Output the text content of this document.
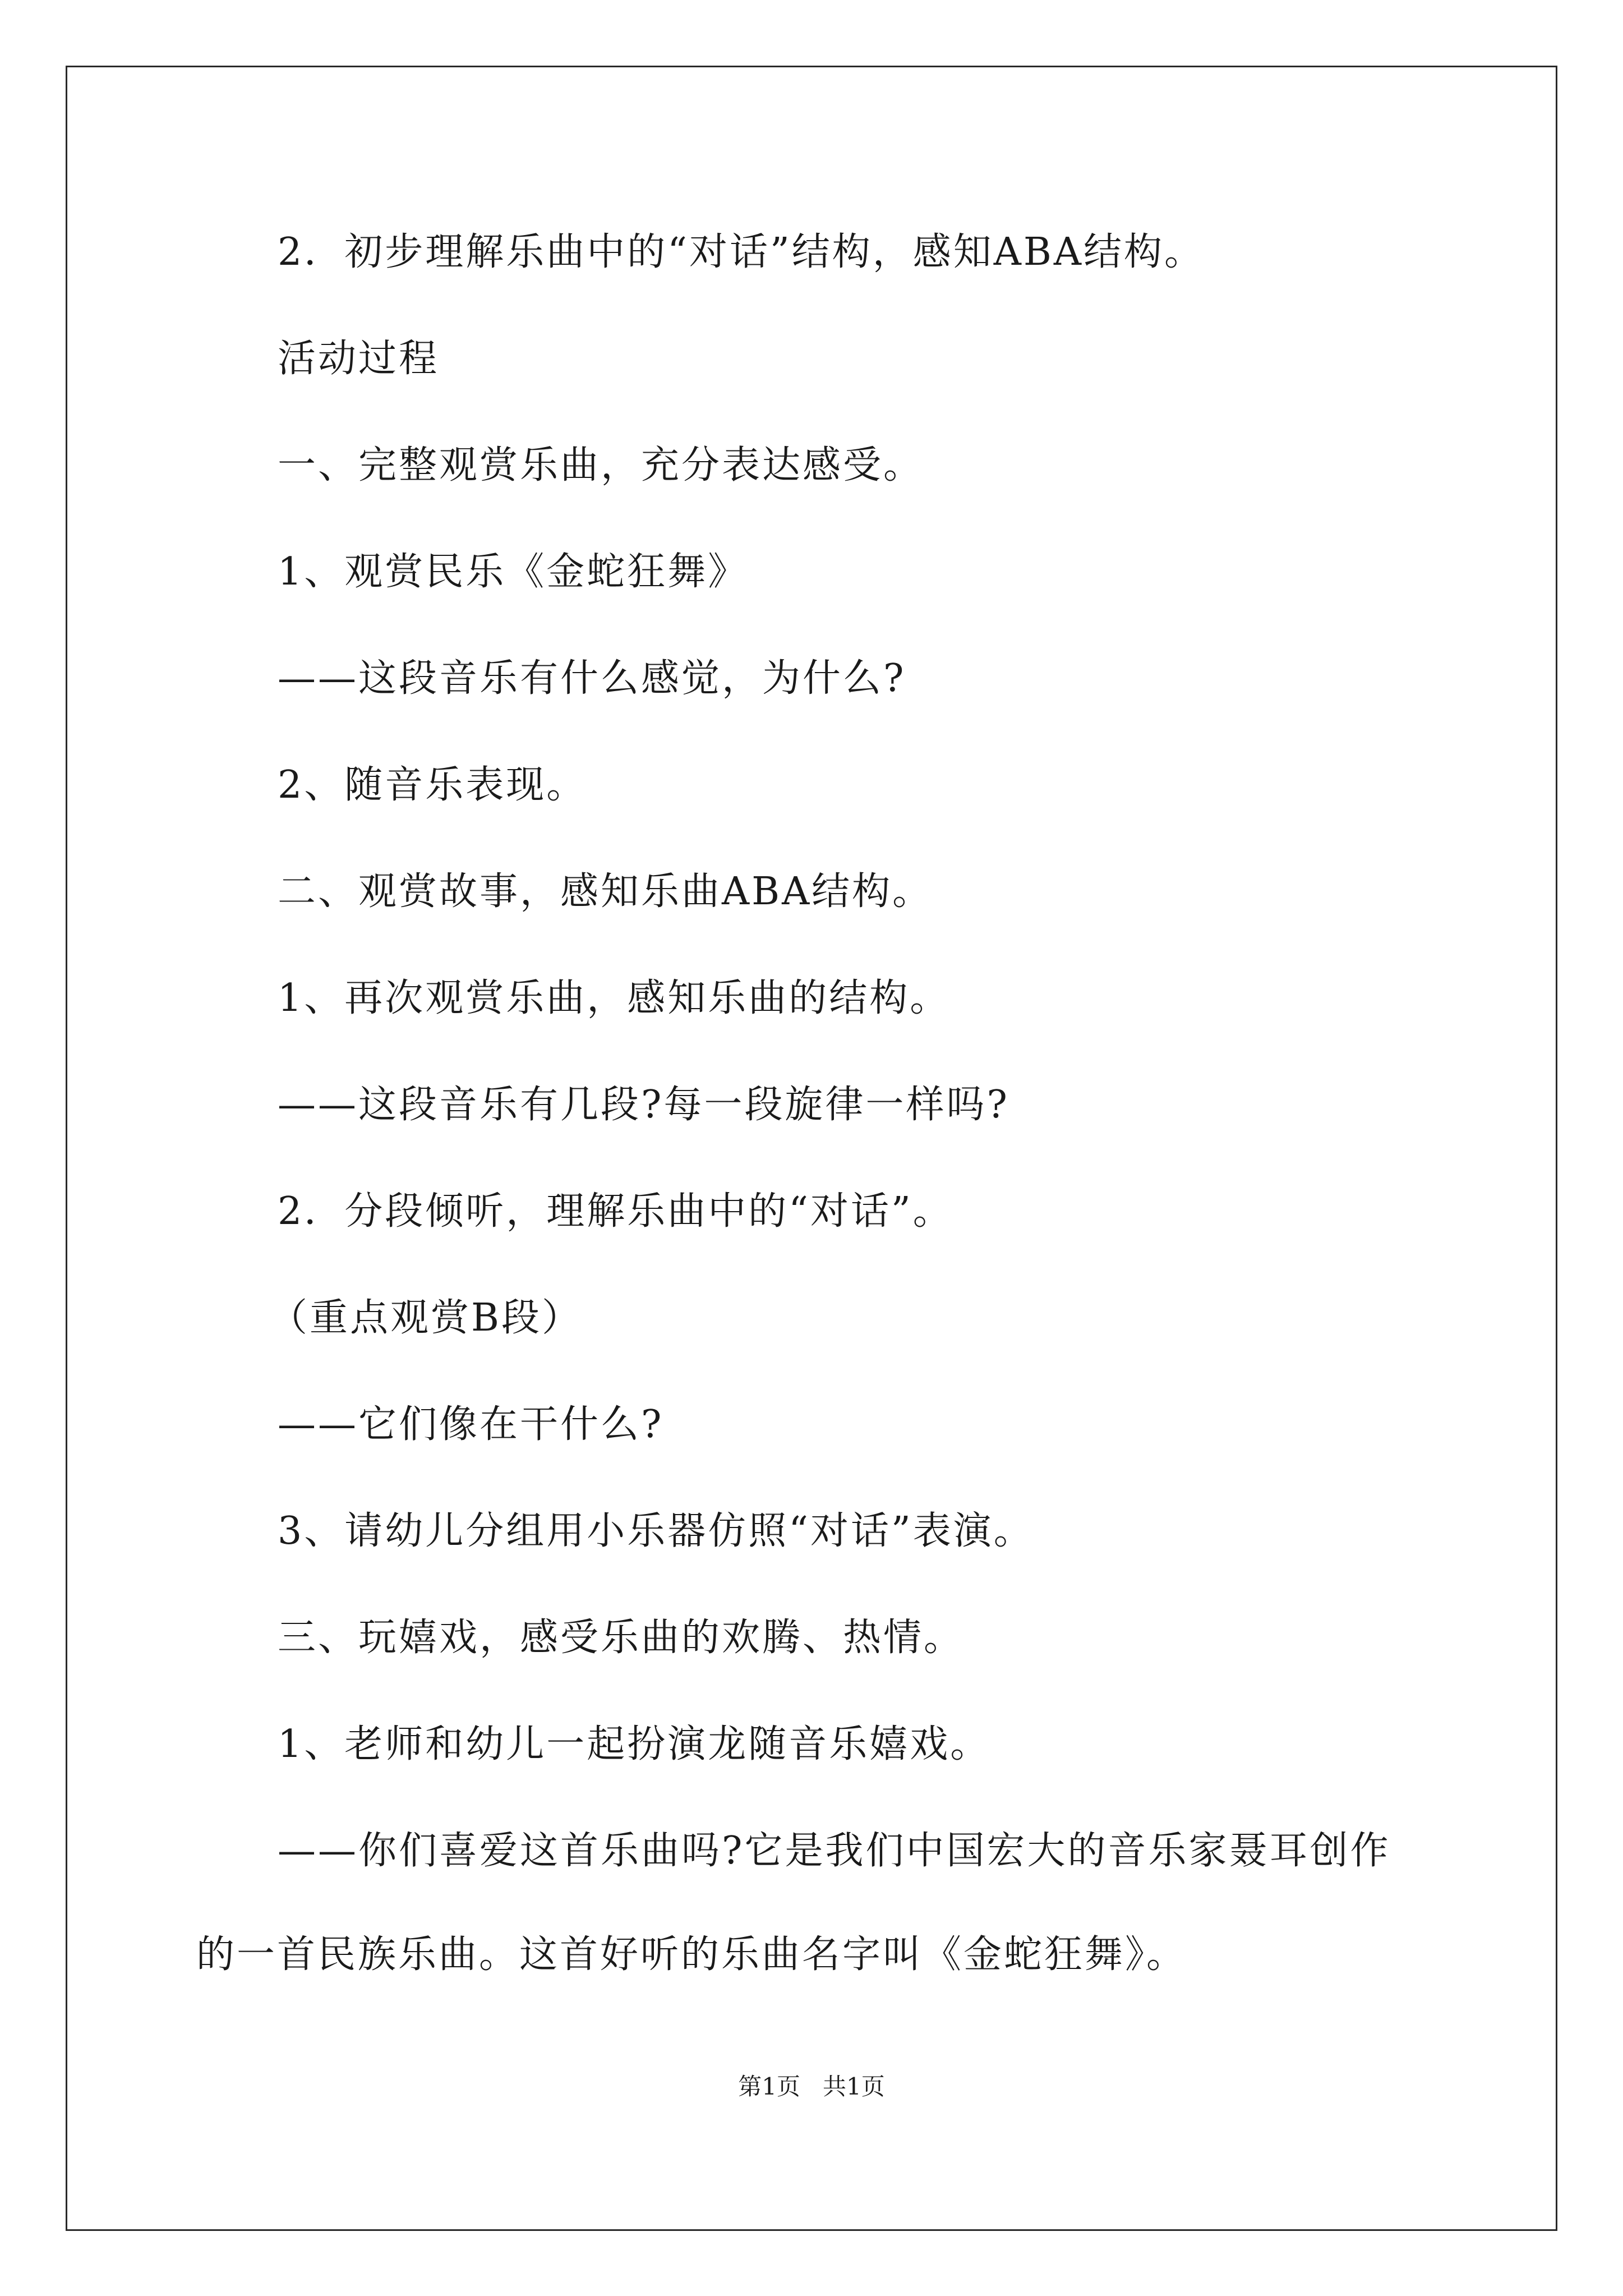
2．初步理解乐曲中的“对话”结构，感知ABA结构。
活动过程
一、完整观赏乐曲，充分表达感受。
1、观赏民乐《金蛇狂舞》
——这段音乐有什么感觉，为什么?
2、随音乐表现。
二、观赏故事，感知乐曲ABA结构。
1、再次观赏乐曲，感知乐曲的结构。
——这段音乐有几段?每一段旋律一样吗?
2．分段倾听，理解乐曲中的“对话”。
（重点观赏B段）
——它们像在干什么?
3、请幼儿分组用小乐器仿照“对话”表演。
三、玩嬉戏，感受乐曲的欢腾、热情。
1、老师和幼儿一起扮演龙随音乐嬉戏。
——你们喜爱这首乐曲吗?它是我们中国宏大的音乐家聂耳创作
的一首民族乐曲。这首好听的乐曲名字叫《金蛇狂舞》。
第1页   共1页
